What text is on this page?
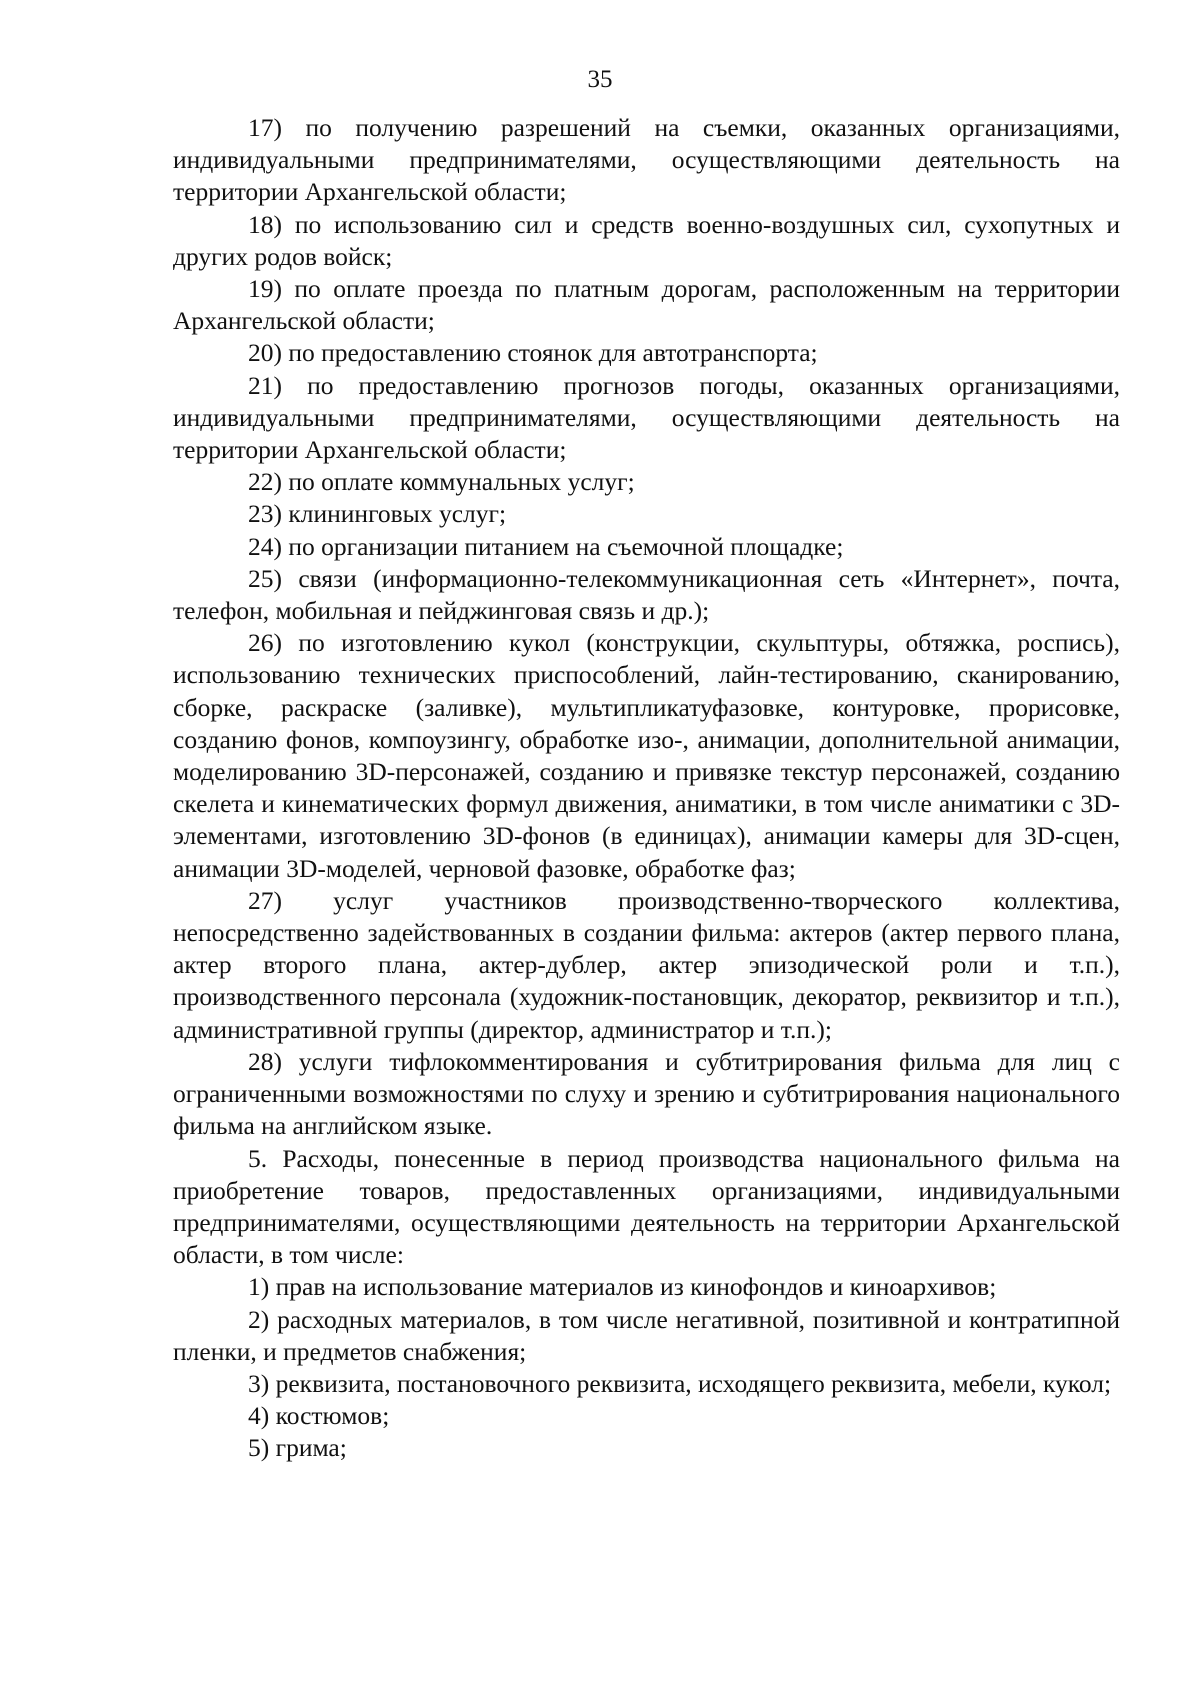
35

17) по получению разрешений на съемки, оказанных организациями, индивидуальными предпринимателями, осуществляющими деятельность на территории Архангельской области;

18) по использованию сил и средств военно-воздушных сил, сухопутных и других родов войск;

19) по оплате проезда по платным дорогам, расположенным на территории Архангельской области;

20) по предоставлению стоянок для автотранспорта;

21) по предоставлению прогнозов погоды, оказанных организациями, индивидуальными предпринимателями, осуществляющими деятельность на территории Архангельской области;

22) по оплате коммунальных услуг;

23) клининговых услуг;

24) по организации питанием на съемочной площадке;

25) связи (информационно-телекоммуникационная сеть «Интернет», почта, телефон, мобильная и пейджинговая связь и др.);

26) по изготовлению кукол (конструкции, скульптуры, обтяжка, роспись), использованию технических приспособлений, лайн-тестированию, сканированию, сборке, раскраске (заливке), мультипликатуфазовке, контуровке, прорисовке, созданию фонов, компоузингу, обработке изо-, анимации, дополнительной анимации, моделированию 3D-персонажей, созданию и привязке текстур персонажей, созданию скелета и кинематических формул движения, аниматики, в том числе аниматики с 3D-элементами, изготовлению 3D-фонов (в единицах), анимации камеры для 3D-сцен, анимации 3D-моделей, черновой фазовке, обработке фаз;

27) услуг участников производственно-творческого коллектива, непосредственно задействованных в создании фильма: актеров (актер первого плана, актер второго плана, актер-дублер, актер эпизодической роли и т.п.), производственного персонала (художник-постановщик, декоратор, реквизитор и т.п.), административной группы (директор, администратор и т.п.);

28) услуги тифлокомментирования и субтитрирования фильма для лиц с ограниченными возможностями по слуху и зрению и субтитрирования национального фильма на английском языке.

5. Расходы, понесенные в период производства национального фильма на приобретение товаров, предоставленных организациями, индивидуальными предпринимателями, осуществляющими деятельность на территории Архангельской области, в том числе:

1) прав на использование материалов из кинофондов и киноархивов;

2) расходных материалов, в том числе негативной, позитивной и контратипной пленки, и предметов снабжения;

3) реквизита, постановочного реквизита, исходящего реквизита, мебели, кукол;

4) костюмов;

5) грима;
